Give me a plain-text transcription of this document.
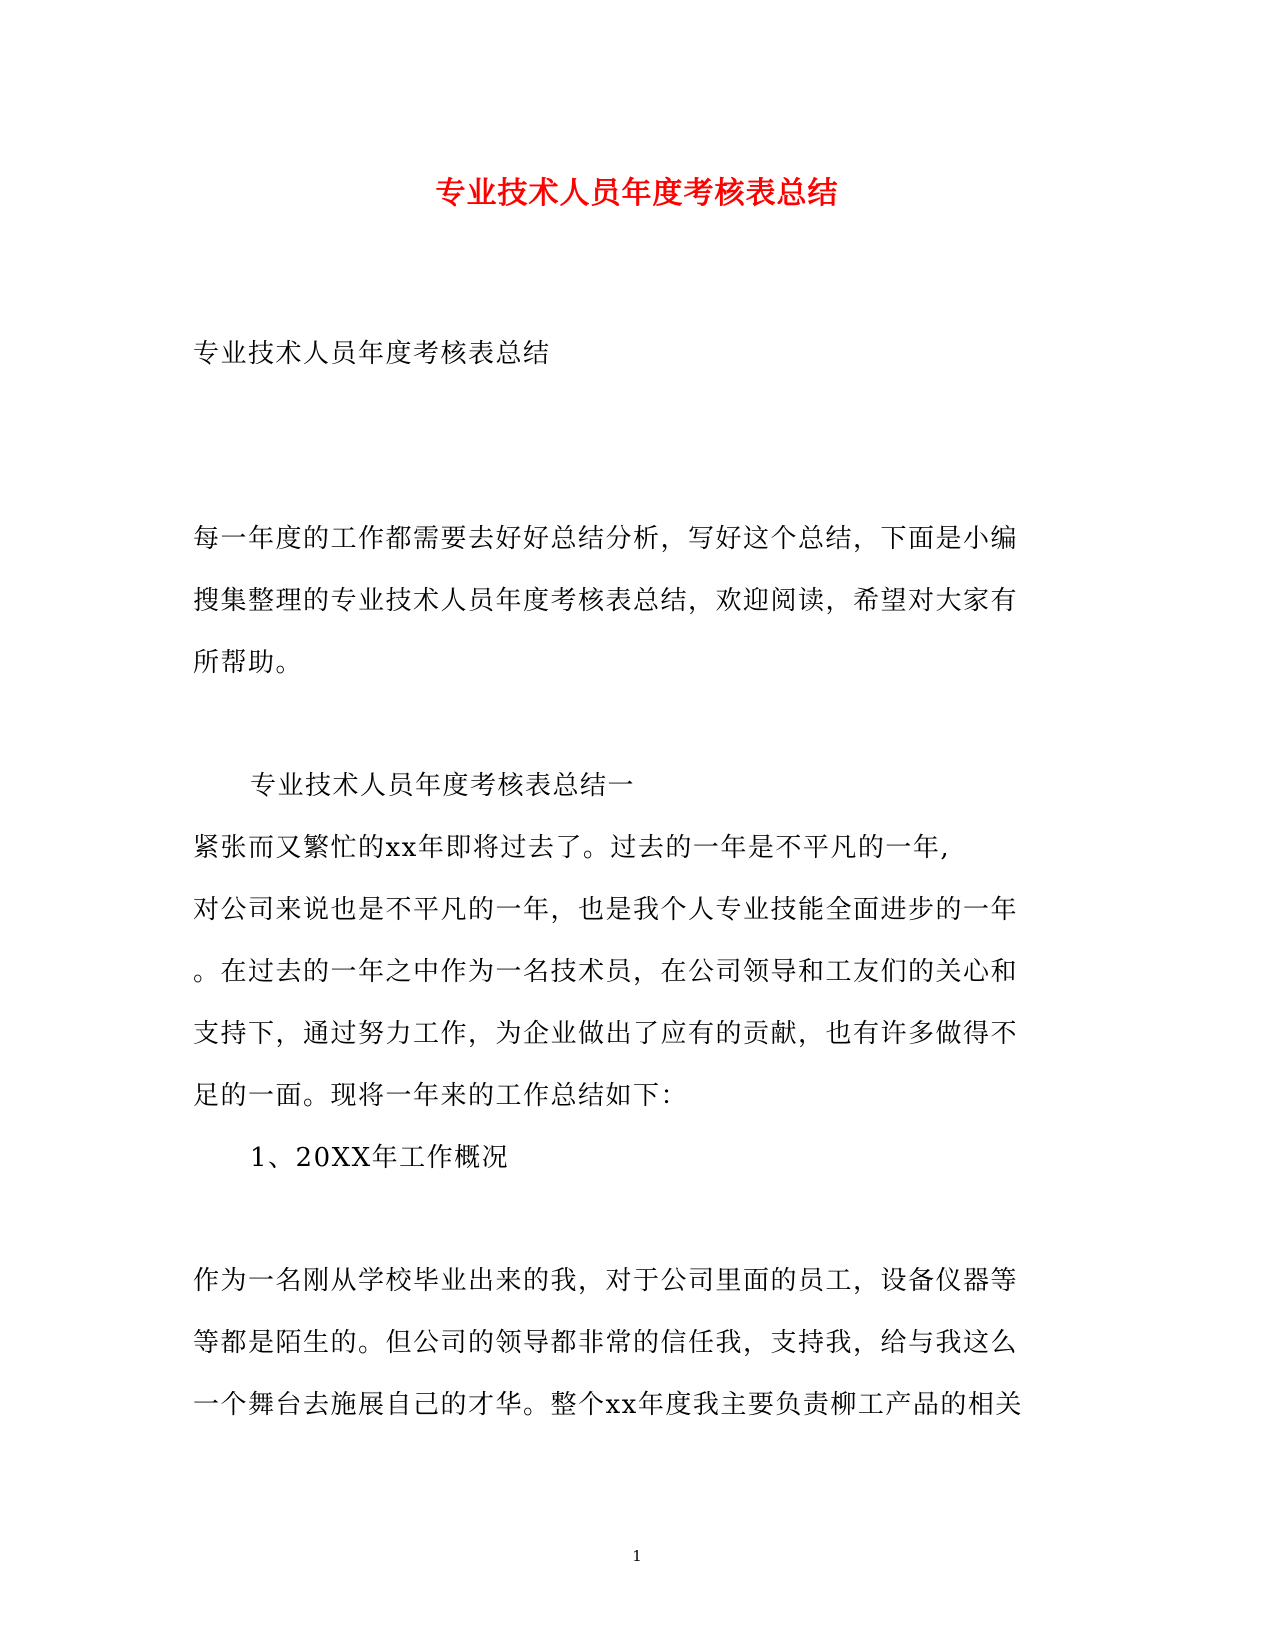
专业技术人员年度考核表总结
专业技术人员年度考核表总结
每一年度的工作都需要去好好总结分析，写好这个总结，下面是小编
搜集整理的专业技术人员年度考核表总结，欢迎阅读，希望对大家有
所帮助。
专业技术人员年度考核表总结一
紧张而又繁忙的xx年即将过去了。过去的一年是不平凡的一年,
对公司来说也是不平凡的一年，也是我个人专业技能全面进步的一年
。在过去的一年之中作为一名技术员，在公司领导和工友们的关心和
支持下，通过努力工作，为企业做出了应有的贡献，也有许多做得不
足的一面。现将一年来的工作总结如下：
1、20XX年工作概况
作为一名刚从学校毕业出来的我，对于公司里面的员工，设备仪器等
等都是陌生的。但公司的领导都非常的信任我，支持我，给与我这么
一个舞台去施展自己的才华。整个xx年度我主要负责柳工产品的相关
1
